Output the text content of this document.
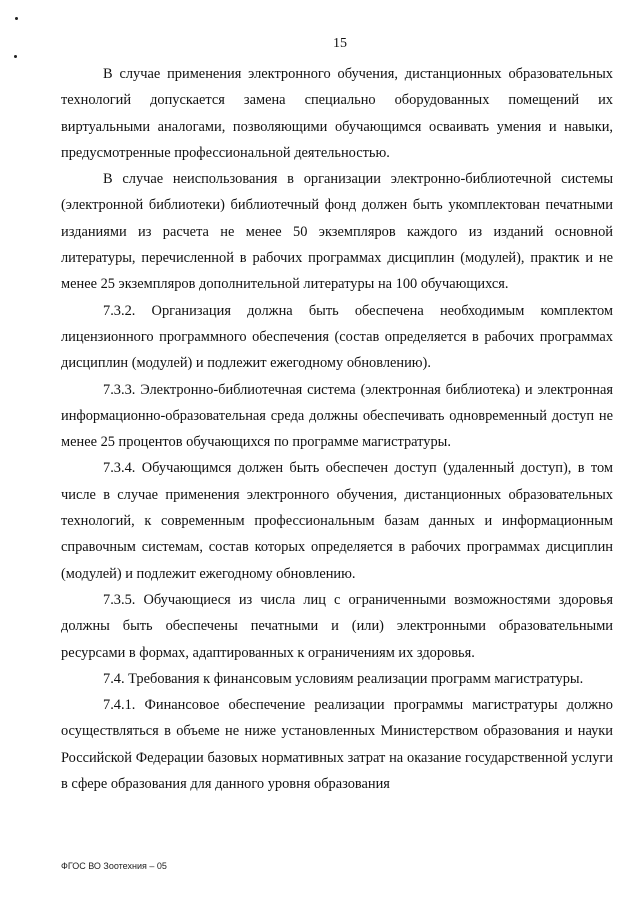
15

В случае применения электронного обучения, дистанционных образовательных технологий допускается замена специально оборудованных помещений их виртуальными аналогами, позволяющими обучающимся осваивать умения и навыки, предусмотренные профессиональной деятельностью.

В случае неиспользования в организации электронно-библиотечной системы (электронной библиотеки) библиотечный фонд должен быть укомплектован печатными изданиями из расчета не менее 50 экземпляров каждого из изданий основной литературы, перечисленной в рабочих программах дисциплин (модулей), практик и не менее 25 экземпляров дополнительной литературы на 100 обучающихся.

7.3.2. Организация должна быть обеспечена необходимым комплектом лицензионного программного обеспечения (состав определяется в рабочих программах дисциплин (модулей) и подлежит ежегодному обновлению).

7.3.3. Электронно-библиотечная система (электронная библиотека) и электронная информационно-образовательная среда должны обеспечивать одновременный доступ не менее 25 процентов обучающихся по программе магистратуры.

7.3.4. Обучающимся должен быть обеспечен доступ (удаленный доступ), в том числе в случае применения электронного обучения, дистанционных образовательных технологий, к современным профессиональным базам данных и информационным справочным системам, состав которых определяется в рабочих программах дисциплин (модулей) и подлежит ежегодному обновлению.

7.3.5. Обучающиеся из числа лиц с ограниченными возможностями здоровья должны быть обеспечены печатными и (или) электронными образовательными ресурсами в формах, адаптированных к ограничениям их здоровья.

7.4. Требования к финансовым условиям реализации программ магистратуры.

7.4.1. Финансовое обеспечение реализации программы магистратуры должно осуществляться в объеме не ниже установленных Министерством образования и науки Российской Федерации базовых нормативных затрат на оказание государственной услуги в сфере образования для данного уровня образования

ФГОС ВО Зоотехния – 05
